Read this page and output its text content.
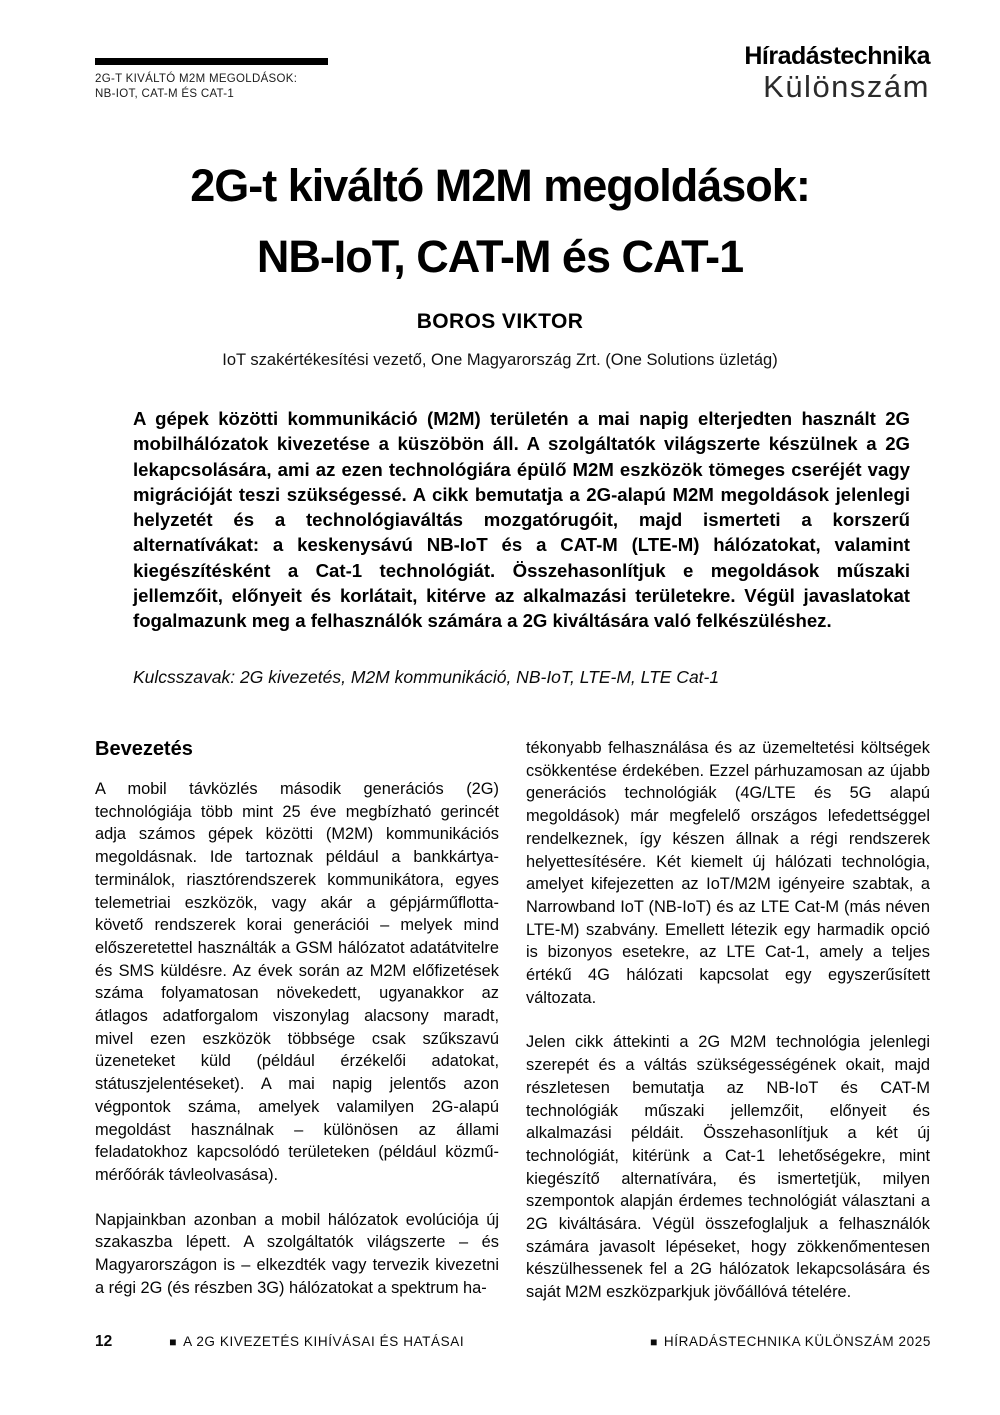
2G-T KIVÁLTÓ M2M MEGOLDÁSOK:
NB-IOT, CAT-M ÉS CAT-1
Híradástechnika
Különszám
2G-t kiváltó M2M megoldások:
NB-IoT, CAT-M és CAT-1
BOROS VIKTOR
IoT szakértékesítési vezető, One Magyarország Zrt. (One Solutions üzletág)
A gépek közötti kommunikáció (M2M) területén a mai napig elterjedten használt 2G mobilhálózatok kivezetése a küszöbön áll. A szolgáltatók világszerte készülnek a 2G lekapcsolására, ami az ezen technológiára épülő M2M eszközök tömeges cseréjét vagy migrációját teszi szükségessé. A cikk bemutatja a 2G-alapú M2M megoldások jelenlegi helyzetét és a technológiaváltás mozgatórugóit, majd ismerteti a korszerű alternatívákat: a keskenysávú NB-IoT és a CAT-M (LTE-M) hálózatokat, valamint kiegészítésként a Cat-1 technológiát. Összehasonlítjuk e megoldások műszaki jellemzőit, előnyeit és korlátait, kitérve az alkalmazási területekre. Végül javaslatokat fogalmazunk meg a felhasználók számára a 2G kiváltására való felkészüléshez.
Kulcsszavak: 2G kivezetés, M2M kommunikáció, NB-IoT, LTE-M, LTE Cat-1
Bevezetés

A mobil távközlés második generációs (2G) technológiája több mint 25 éve megbízható gerincét adja számos gépek közötti (M2M) kommunikációs megoldásnak. Ide tartoznak például a bankkártya-terminálok, riasztórendszerek kommunikátora, egyes telemetriai eszközök, vagy akár a gépjárműflotta-követő rendszerek korai generációi – melyek mind előszeretettel használták a GSM hálózatot adatátvitelre és SMS küldésre. Az évek során az M2M előfizetések száma folyamatosan növekedett, ugyanakkor az átlagos adatforgalom viszonylag alacsony maradt, mivel ezen eszközök többsége csak szűkszavú üzeneteket küld (például érzékelői adatokat, státuszjelentéseket). A mai napig jelentős azon végpontok száma, amelyek valamilyen 2G-alapú megoldást használnak – különösen az állami feladatokhoz kapcsolódó területeken (például közmű-mérőórák távleolvasása).

Napjainkban azonban a mobil hálózatok evolúciója új szakaszba lépett. A szolgáltatók világszerte – és Magyarországon is – elkezdték vagy tervezik kivezetni a régi 2G (és részben 3G) hálózatokat a spektrum ha-

tékonyabb felhasználása és az üzemeltetési költségek csökkentése érdekében. Ezzel párhuzamosan az újabb generációs technológiák (4G/LTE és 5G alapú megoldások) már megfelelő országos lefedettséggel rendelkeznek, így készen állnak a régi rendszerek helyettesítésére. Két kiemelt új hálózati technológia, amelyet kifejezetten az IoT/M2M igényeire szabtak, a Narrowband IoT (NB-IoT) és az LTE Cat-M (más néven LTE-M) szabvány. Emellett létezik egy harmadik opció is bizonyos esetekre, az LTE Cat-1, amely a teljes értékű 4G hálózati kapcsolat egy egyszerűsített változata.

Jelen cikk áttekinti a 2G M2M technológia jelenlegi szerepét és a váltás szükségességének okait, majd részletesen bemutatja az NB-IoT és CAT-M technológiák műszaki jellemzőit, előnyeit és alkalmazási példáit. Összehasonlítjuk a két új technológiát, kitérünk a Cat-1 lehetőségekre, mint kiegészítő alternatívára, és ismertetjük, milyen szempontok alapján érdemes technológiát választani a 2G kiváltására. Végül összefoglaljuk a felhasználók számára javasolt lépéseket, hogy zökkenőmentesen készülhessenek fel a 2G hálózatok lekapcsolására és saját M2M eszközparkjuk jövőállóvá tételére.

12	■ A 2G KIVEZETÉS KIHÍVÁSAI ÉS HATÁSAI	■ HÍRADÁSTECHNIKA KÜLÖNSZÁM 2025
